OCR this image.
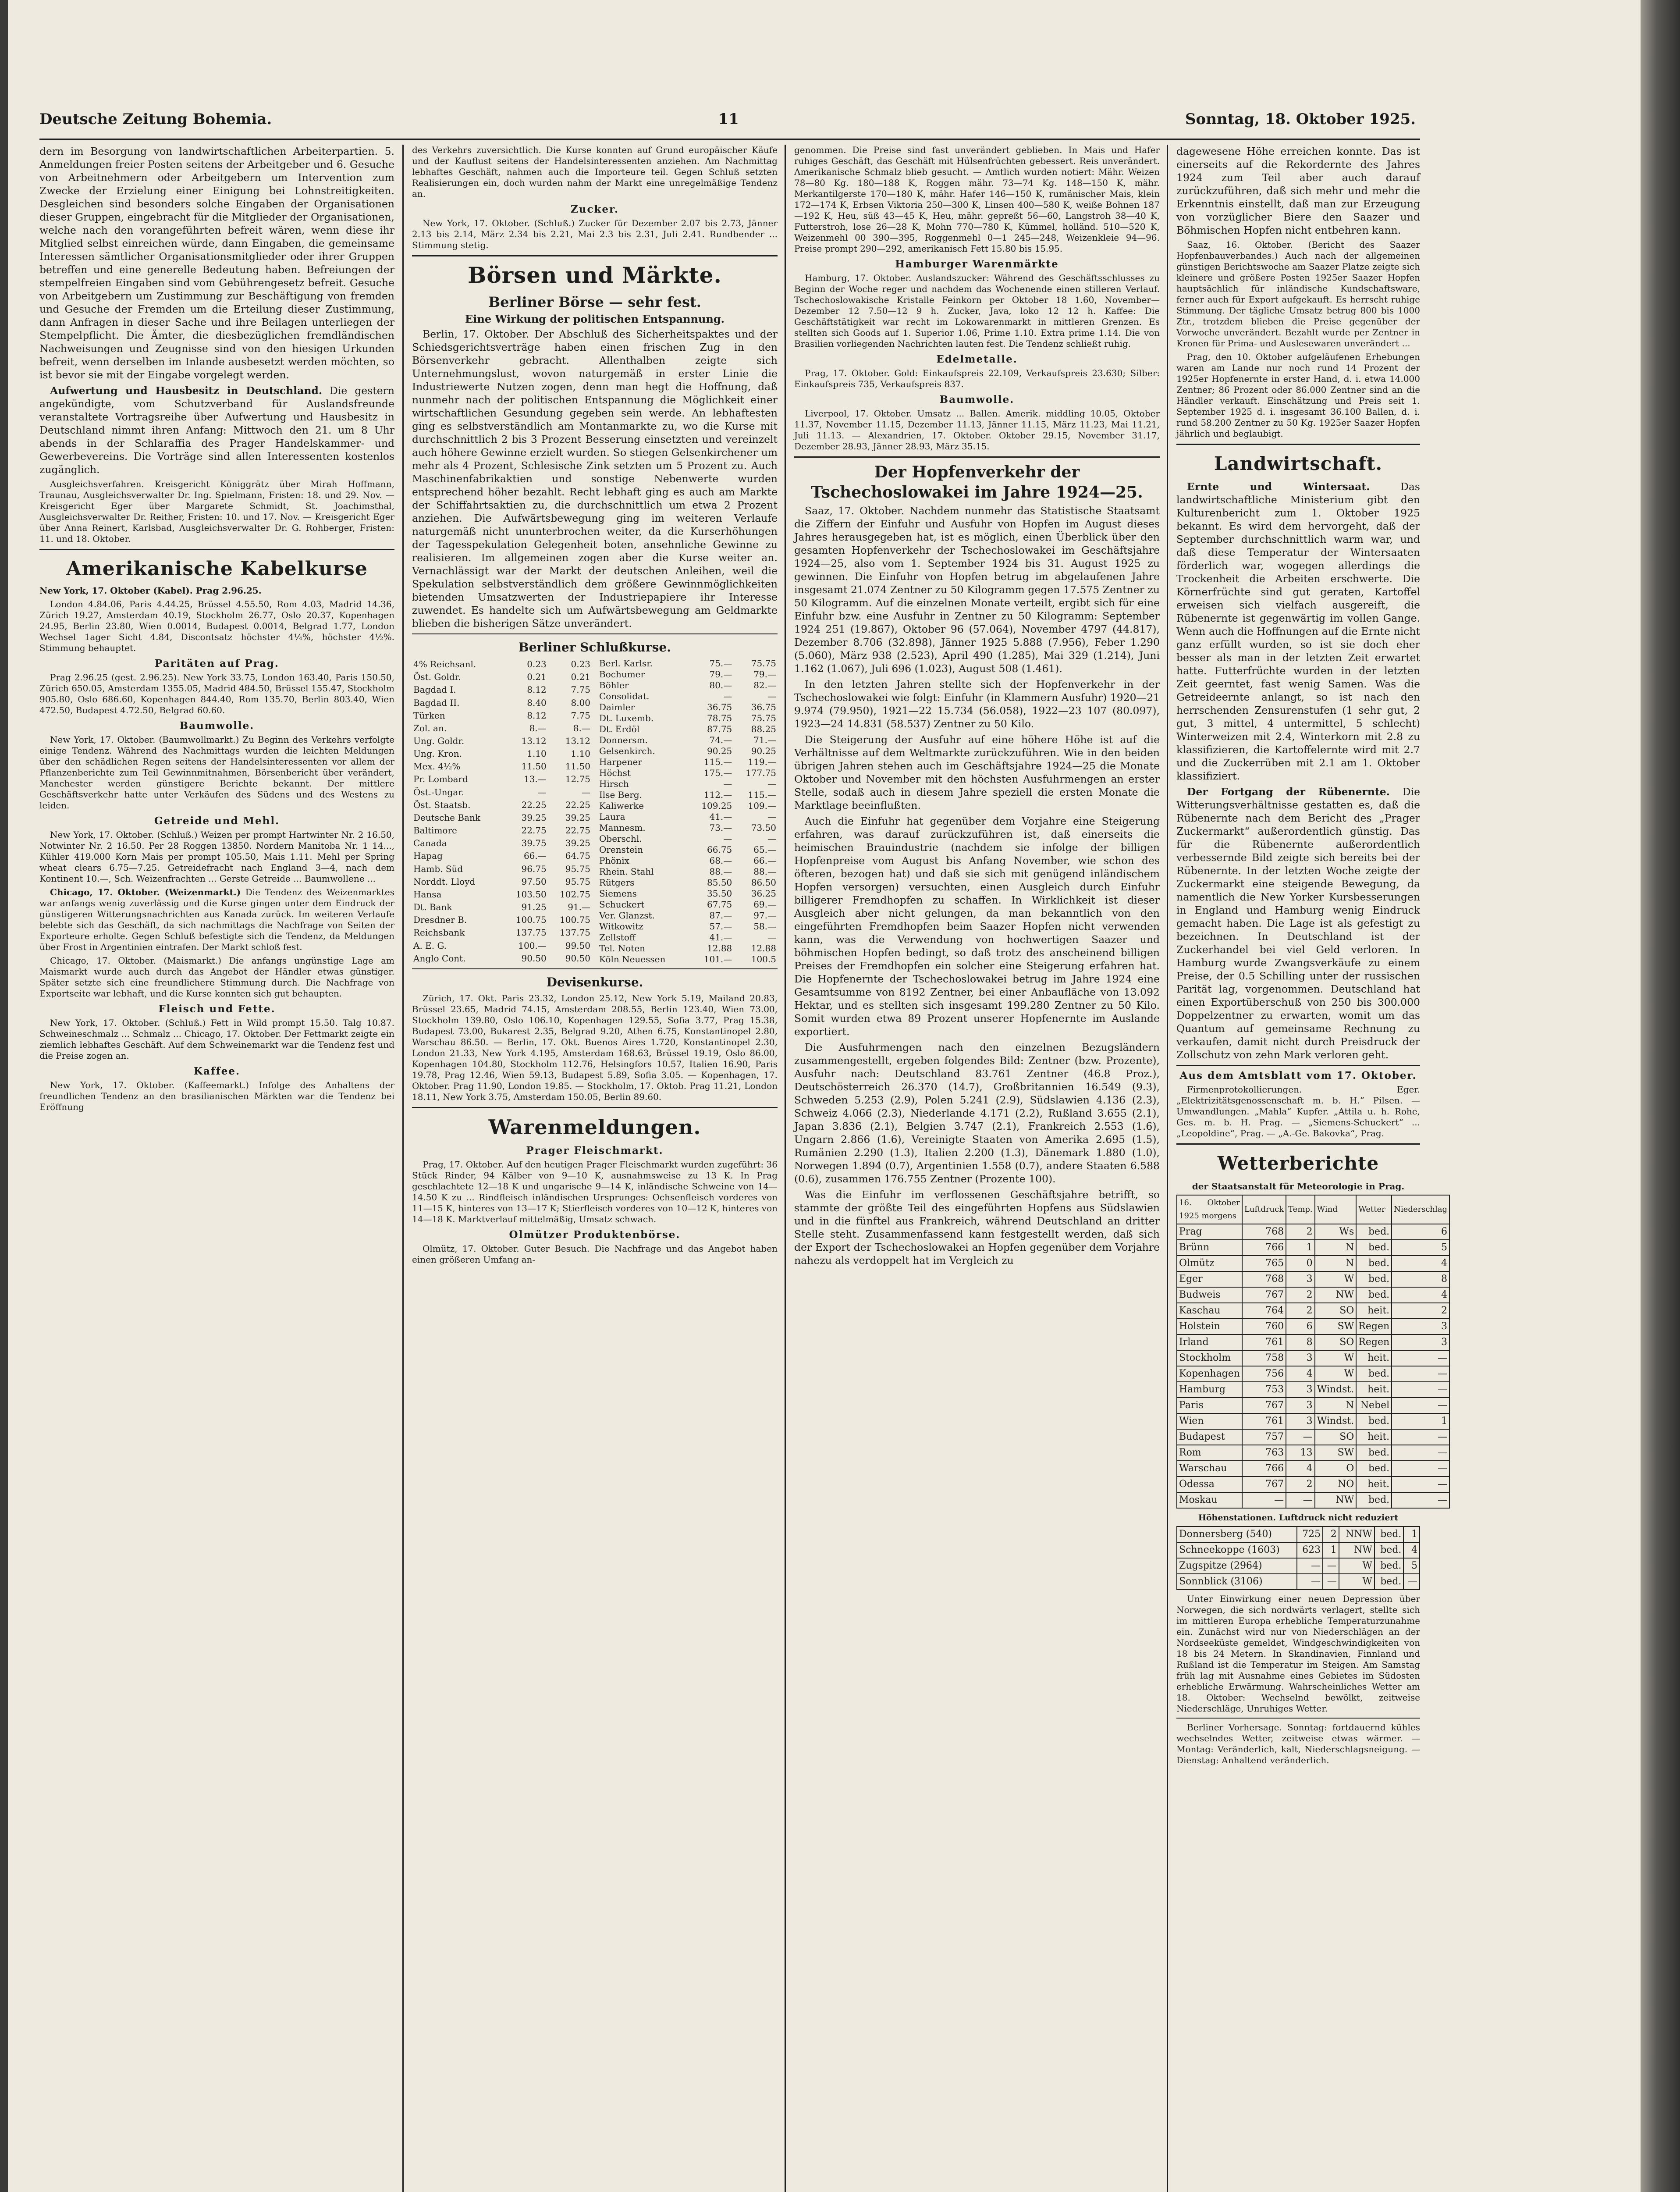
Deutsche Zeitung Bohemia.	11	Sonntag, 18. Oktober 1925.

dern im Besorgung von landwirtschaftlichen Arbeiterpartien. 5. Anmeldungen freier Posten seitens der Arbeitgeber und 6. Gesuche von Arbeitnehmern oder Arbeitgebern um Intervention zum Zwecke der Erzielung einer Einigung bei Lohnstreitigkeiten. Desgleichen sind besonders solche Eingaben der Organisationen dieser Gruppen, eingebracht für die Mitglieder der Organisationen, welche nach den vorangeführten befreit wären, wenn diese ihr Mitglied selbst einreichen würde, dann Eingaben, die gemeinsame Interessen sämtlicher Organisationsmitglieder oder ihrer Gruppen betreffen und eine generelle Bedeutung haben. Befreiungen der stempelfreien Eingaben sind vom Gebührengesetz befreit. Gesuche von Arbeitgebern um Zustimmung zur Beschäftigung von fremden und Gesuche der Fremden um die Erteilung dieser Zustimmung, dann Anfragen in dieser Sache und ihre Beilagen unterliegen der Stempelpflicht. Die Ämter, die diesbezüglichen fremdländischen Nachweisungen und Zeugnisse sind von den hiesigen Urkunden befreit, wenn derselben im Inlande ausbesetzt werden möchten, so ist bevor sie mit der Eingabe vorgelegt werden.

Aufwertung und Hausbesitz in Deutschland. Die gestern angekündigte, vom Schutzverband für Auslandsfreunde veranstaltete Vortragsreihe über Aufwertung und Hausbesitz in Deutschland nimmt ihren Anfang: Mittwoch den 21. um 8 Uhr abends in der Schlaraffia des Prager Handelskammer- und Gewerbevereins. Die Vorträge sind allen Interessenten kostenlos zugänglich.

Ausgleichsverfahren. Kreisgericht Königgrätz über Mirah Hoffmann, Traunau, Ausgleichsverwalter Dr. Ing. Spielmann, Fristen: 18. und 29. Nov. — Kreisgericht Eger über Margarete Schmidt, St. Joachimsthal, Ausgleichsverwalter Dr. Reither, Fristen: 10. und 17. Nov. — Kreisgericht Eger über Anna Reinert, Karlsbad, Ausgleichsverwalter Dr. G. Rohberger, Fristen: 11. und 18. Oktober.

Amerikanische Kabelkurse

New York, 17. Oktober (Kabel). Prag 2.96.25.

London 4.84.06, Paris 4.44.25, Brüssel 4.55.50, Rom 4.03, Madrid 14.36, Zürich 19.27, Amsterdam 40.19, Stockholm 26.77, Oslo 20.37, Kopenhagen 24.95, Berlin 23.80, Wien 0.0014, Budapest 0.0014, Belgrad 1.77, London Wechsel 1ager Sicht 4.84, Discontsatz höchster 4¼%, höchster 4½%. Stimmung behauptet.

Paritäten auf Prag.

Prag 2.96.25 (gest. 2.96.25). New York 33.75, London 163.40, Paris 150.50, Zürich 650.05, Amsterdam 1355.05, Madrid 484.50, Brüssel 155.47, Stockholm 905.80, Oslo 686.60, Kopenhagen 844.40, Rom 135.70, Berlin 803.40, Wien 472.50, Budapest 4.72.50, Belgrad 60.60.

Baumwolle.

New York, 17. Oktober. (Baumwollmarkt.) Zu Beginn des Verkehrs verfolgte einige Tendenz. Während des Nachmittags wurden die leichten Meldungen über den schädlichen Regen seitens der Handelsinteressenten vor allem der Pflanzenberichte zum Teil Gewinnmitnahmen, Börsenbericht über verändert, Manchester werden günstigere Berichte bekannt. Der mittlere Geschäftsverkehr hatte unter Verkäufen des Südens und des Westens zu leiden.

Getreide und Mehl.

New York, 17. Oktober. (Schluß.) Weizen per prompt Hartwinter Nr. 2 16.50, Notwinter Nr. 2 16.50. Per 28 Roggen 13850. Nordern Manitoba Nr. 1 14..., Kühler 419.000 Korn Mais per prompt 105.50, Mais 1.11. Mehl per Spring wheat clears 6.75—7.25. Getreidefracht nach England 3—4, nach dem Kontinent 10.—, Sch. Weizenfrachten ... Gerste Getreide ... Baumwollene ...

Chicago, 17. Oktober. (Weizenmarkt.) Die Tendenz des Weizenmarktes war anfangs wenig zuverlässig und die Kurse gingen unter dem Eindruck der günstigeren Witterungsnachrichten aus Kanada zurück. Im weiteren Verlaufe belebte sich das Geschäft, da sich nachmittags die Nachfrage von Seiten der Exporteure erholte. Gegen Schluß befestigte sich die Tendenz, da Meldungen über Frost in Argentinien eintrafen. Der Markt schloß fest.

Chicago, 17. Oktober. (Maismarkt.) Die anfangs ungünstige Lage am Maismarkt wurde auch durch das Angebot der Händler etwas günstiger. Später setzte sich eine freundlichere Stimmung durch. Die Nachfrage von Exportseite war lebhaft, und die Kurse konnten sich gut behaupten.

Fleisch und Fette.

New York, 17. Oktober. (Schluß.) Fett in Wild prompt 15.50. Talg 10.87. Schweineschmalz ... Schmalz ... Chicago, 17. Oktober. Der Fettmarkt zeigte ein ziemlich lebhaftes Geschäft. Auf dem Schweinemarkt war die Tendenz fest und die Preise zogen an.

Kaffee.

New York, 17. Oktober. (Kaffeemarkt.) Infolge des Anhaltens der freundlichen Tendenz an den brasilianischen Märkten war die Tendenz bei Eröffnung

des Verkehrs zuversichtlich. Die Kurse konnten auf Grund europäischer Käufe und der Kauflust seitens der Handelsinteressenten anziehen. Am Nachmittag lebhaftes Geschäft, nahmen auch die Importeure teil. Gegen Schluß setzten Realisierungen ein, doch wurden nahm der Markt eine unregelmäßige Tendenz an.

Zucker.

New York, 17. Oktober. (Schluß.) Zucker für Dezember 2.07 bis 2.73, Jänner 2.13 bis 2.14, März 2.34 bis 2.21, Mai 2.3 bis 2.31, Juli 2.41. Rundbender ... Stimmung stetig.

Börsen und Märkte.
Berliner Börse — sehr fest.
Eine Wirkung der politischen Entspannung.

Berlin, 17. Oktober. Der Abschluß des Sicherheitspaktes und der Schiedsgerichtsverträge haben einen frischen Zug in den Börsenverkehr gebracht. Allenthalben zeigte sich Unternehmungslust, wovon naturgemäß in erster Linie die Industriewerte Nutzen zogen, denn man hegt die Hoffnung, daß nunmehr nach der politischen Entspannung die Möglichkeit einer wirtschaftlichen Gesundung gegeben sein werde. An lebhaftesten ging es selbstverständlich am Montanmarkte zu, wo die Kurse mit durchschnittlich 2 bis 3 Prozent Besserung einsetzten und vereinzelt auch höhere Gewinne erzielt wurden. So stiegen Gelsenkirchener um mehr als 4 Prozent, Schlesische Zink setzten um 5 Prozent zu. Auch Maschinenfabrikaktien und sonstige Nebenwerte wurden entsprechend höher bezahlt. Recht lebhaft ging es auch am Markte der Schiffahrtsaktien zu, die durchschnittlich um etwa 2 Prozent anziehen. Die Aufwärtsbewegung ging im weiteren Verlaufe naturgemäß nicht ununterbrochen weiter, da die Kurserhöhungen der Tagesspekulation Gelegenheit boten, ansehnliche Gewinne zu realisieren. Im allgemeinen zogen aber die Kurse weiter an. Vernachlässigt war der Markt der deutschen Anleihen, weil die Spekulation selbstverständlich dem größere Gewinnmöglichkeiten bietenden Umsatzwerten der Industriepapiere ihr Interesse zuwendet. Es handelte sich um Aufwärtsbewegung am Geldmarkte blieben die bisherigen Sätze unverändert.

Berliner Schlußkurse.
4% Reichsanl.	0.23	0.23
Öst. Goldr.	0.21	0.21
Bagdad I.	8.12	7.75
Bagdad II.	8.40	8.00
Türken	8.12	7.75
Zol. an.	8.—	8.—
Ung. Goldr.	13.12	13.12
Ung. Kron.	1.10	1.10
Mex. 4½%	11.50	11.50
Pr. Lombard	13.—	12.75
Öst.-Ungar.	—	—
Öst. Staatsb.	22.25	22.25
Deutsche Bank	39.25	39.25
Baltimore	22.75	22.75
Canada	39.75	39.25
Hapag	66.—	64.75
Hamb. Süd	96.75	95.75
Norddt. Lloyd	97.50	95.75
Hansa	103.50	102.75
Dt. Bank	91.25	91.—
Dresdner B.	100.75	100.75
Reichsbank	137.75	137.75
A. E. G.	100.—	99.50
Anglo Cont.	90.50	90.50
Berl. Karlsr.	75.—	75.75
Bochumer	79.—	79.—
Böhler	80.—	82.—
Consolidat.	—	—
Daimler	36.75	36.75
Dt. Luxemb.	78.75	75.75
Dt. Erdöl	87.75	88.25
Donnersm.	74.—	71.—
Gelsenkirch.	90.25	90.25
Harpener	115.—	119.—
Höchst	175.—	177.75
Hirsch	—	—
Ilse Berg.	112.—	115.—
Kaliwerke	109.25	109.—
Laura	41.—	—
Mannesm.	73.—	73.50
Oberschl.	—	—
Orenstein	66.75	65.—
Phönix	68.—	66.—
Rhein. Stahl	88.—	88.—
Rütgers	85.50	86.50
Siemens	35.50	36.25
Schuckert	67.75	69.—
Ver. Glanzst.	87.—	97.—
Witkowitz	57.—	58.—
Zellstoff	41.—	—
Tel. Noten	12.88	12.88
Köln Neuessen	101.—	100.5
Devisenkurse.

Zürich, 17. Okt. Paris 23.32, London 25.12, New York 5.19, Mailand 20.83, Brüssel 23.65, Madrid 74.15, Amsterdam 208.55, Berlin 123.40, Wien 73.00, Stockholm 139.80, Oslo 106.10, Kopenhagen 129.55, Sofia 3.77, Prag 15.38, Budapest 73.00, Bukarest 2.35, Belgrad 9.20, Athen 6.75, Konstantinopel 2.80, Warschau 86.50. — Berlin, 17. Okt. Buenos Aires 1.720, Konstantinopel 2.30, London 21.33, New York 4.195, Amsterdam 168.63, Brüssel 19.19, Oslo 86.00, Kopenhagen 104.80, Stockholm 112.76, Helsingfors 10.57, Italien 16.90, Paris 19.78, Prag 12.46, Wien 59.13, Budapest 5.89, Sofia 3.05. — Kopenhagen, 17. Oktober. Prag 11.90, London 19.85. — Stockholm, 17. Oktob. Prag 11.21, London 18.11, New York 3.75, Amsterdam 150.05, Berlin 89.60.

Warenmeldungen.
Prager Fleischmarkt.

Prag, 17. Oktober. Auf den heutigen Prager Fleischmarkt wurden zugeführt: 36 Stück Rinder, 94 Kälber von 9—10 K, ausnahmsweise zu 13 K. In Prag geschlachtete 12—18 K und ungarische 9—14 K, inländische Schweine von 14—14.50 K zu ... Rindfleisch inländischen Ursprunges: Ochsenfleisch vorderes von 11—15 K, hinteres von 13—17 K; Stierfleisch vorderes von 10—12 K, hinteres von 14—18 K. Marktverlauf mittelmäßig, Umsatz schwach.

Olmützer Produktenbörse.

Olmütz, 17. Oktober. Guter Besuch. Die Nachfrage und das Angebot haben einen größeren Umfang an-

genommen. Die Preise sind fast unverändert geblieben. In Mais und Hafer ruhiges Geschäft, das Geschäft mit Hülsenfrüchten gebessert. Reis unverändert. Amerikanische Schmalz blieb gesucht. — Amtlich wurden notiert: Mähr. Weizen 78—80 Kg. 180—188 K, Roggen mähr. 73—74 Kg. 148—150 K, mähr. Merkantilgerste 170—180 K, mähr. Hafer 146—150 K, rumänischer Mais, klein 172—174 K, Erbsen Viktoria 250—300 K, Linsen 400—580 K, weiße Bohnen 187—192 K, Heu, süß 43—45 K, Heu, mähr. gepreßt 56—60, Langstroh 38—40 K, Futterstroh, lose 26—28 K, Mohn 770—780 K, Kümmel, holländ. 510—520 K, Weizenmehl 00 390—395, Roggenmehl 0—1 245—248, Weizenkleie 94—96. Preise prompt 290—292, amerikanisch Fett 15.80 bis 15.95.

Hamburger Warenmärkte

Hamburg, 17. Oktober. Auslandszucker: Während des Geschäftsschlusses zu Beginn der Woche reger und nachdem das Wochenende einen stilleren Verlauf. Tschechoslowakische Kristalle Feinkorn per Oktober 18 1.60, November—Dezember 12 7.50—12 9 h. Zucker, Java, loko 12 12 h. Kaffee: Die Geschäftstätigkeit war recht im Lokowarenmarkt in mittleren Grenzen. Es stellten sich Goods auf 1. Superior 1.06, Prime 1.10. Extra prime 1.14. Die von Brasilien vorliegenden Nachrichten lauten fest. Die Tendenz schließt ruhig.

Edelmetalle.

Prag, 17. Oktober. Gold: Einkaufspreis 22.109, Verkaufspreis 23.630; Silber: Einkaufspreis 735, Verkaufspreis 837.

Baumwolle.

Liverpool, 17. Oktober. Umsatz ... Ballen. Amerik. middling 10.05, Oktober 11.37, November 11.15, Dezember 11.13, Jänner 11.15, März 11.23, Mai 11.21, Juli 11.13. — Alexandrien, 17. Oktober. Oktober 29.15, November 31.17, Dezember 28.93, Jänner 28.93, März 35.15.

Der Hopfenverkehr der Tschechoslowakei im Jahre 1924—25.

Saaz, 17. Oktober. Nachdem nunmehr das Statistische Staatsamt die Ziffern der Einfuhr und Ausfuhr von Hopfen im August dieses Jahres herausgegeben hat, ist es möglich, einen Überblick über den gesamten Hopfenverkehr der Tschechoslowakei im Geschäftsjahre 1924—25, also vom 1. September 1924 bis 31. August 1925 zu gewinnen. Die Einfuhr von Hopfen betrug im abgelaufenen Jahre insgesamt 21.074 Zentner zu 50 Kilogramm gegen 17.575 Zentner zu 50 Kilogramm. Auf die einzelnen Monate verteilt, ergibt sich für eine Einfuhr bzw. eine Ausfuhr in Zentner zu 50 Kilogramm: September 1924 251 (19.867), Oktober 96 (57.064), November 4797 (44.817), Dezember 8.706 (32.898), Jänner 1925 5.888 (7.956), Feber 1.290 (5.060), März 938 (2.523), April 490 (1.285), Mai 329 (1.214), Juni 1.162 (1.067), Juli 696 (1.023), August 508 (1.461).

In den letzten Jahren stellte sich der Hopfenverkehr in der Tschechoslowakei wie folgt: Einfuhr (in Klammern Ausfuhr) 1920—21 9.974 (79.950), 1921—22 15.734 (56.058), 1922—23 107 (80.097), 1923—24 14.831 (58.537) Zentner zu 50 Kilo.

Die Steigerung der Ausfuhr auf eine höhere Höhe ist auf die Verhältnisse auf dem Weltmarkte zurückzuführen. Wie in den beiden übrigen Jahren stehen auch im Geschäftsjahre 1924—25 die Monate Oktober und November mit den höchsten Ausfuhrmengen an erster Stelle, sodaß auch in diesem Jahre speziell die ersten Monate die Marktlage beeinflußten.

Auch die Einfuhr hat gegenüber dem Vorjahre eine Steigerung erfahren, was darauf zurückzuführen ist, daß einerseits die heimischen Brauindustrie (nachdem sie infolge der billigen Hopfenpreise vom August bis Anfang November, wie schon des öfteren, bezogen hat) und daß sie sich mit genügend inländischem Hopfen versorgen) versuchten, einen Ausgleich durch Einfuhr billigerer Fremdhopfen zu schaffen. In Wirklichkeit ist dieser Ausgleich aber nicht gelungen, da man bekanntlich von den eingeführten Fremdhopfen beim Saazer Hopfen nicht verwenden kann, was die Verwendung von hochwertigen Saazer und böhmischen Hopfen bedingt, so daß trotz des anscheinend billigen Preises der Fremdhopfen ein solcher eine Steigerung erfahren hat. Die Hopfenernte der Tschechoslowakei betrug im Jahre 1924 eine Gesamtsumme von 8192 Zentner, bei einer Anbaufläche von 13.092 Hektar, und es stellten sich insgesamt 199.280 Zentner zu 50 Kilo. Somit wurden etwa 89 Prozent unserer Hopfenernte im Auslande exportiert.

Die Ausfuhrmengen nach den einzelnen Bezugsländern zusammengestellt, ergeben folgendes Bild: Zentner (bzw. Prozente), Ausfuhr nach: Deutschland 83.761 Zentner (46.8 Proz.), Deutschösterreich 26.370 (14.7), Großbritannien 16.549 (9.3), Schweden 5.253 (2.9), Polen 5.241 (2.9), Südslawien 4.136 (2.3), Schweiz 4.066 (2.3), Niederlande 4.171 (2.2), Rußland 3.655 (2.1), Japan 3.836 (2.1), Belgien 3.747 (2.1), Frankreich 2.553 (1.6), Ungarn 2.866 (1.6), Vereinigte Staaten von Amerika 2.695 (1.5), Rumänien 2.290 (1.3), Italien 2.200 (1.3), Dänemark 1.880 (1.0), Norwegen 1.894 (0.7), Argentinien 1.558 (0.7), andere Staaten 6.588 (0.6), zusammen 176.755 Zentner (Prozente 100).

Was die Einfuhr im verflossenen Geschäftsjahre betrifft, so stammte der größte Teil des eingeführten Hopfens aus Südslawien und in die fünftel aus Frankreich, während Deutschland an dritter Stelle steht. Zusammenfassend kann festgestellt werden, daß sich der Export der Tschechoslowakei an Hopfen gegenüber dem Vorjahre nahezu als verdoppelt hat im Vergleich zu

dagewesene Höhe erreichen konnte. Das ist einerseits auf die Rekordernte des Jahres 1924 zum Teil aber auch darauf zurückzuführen, daß sich mehr und mehr die Erkenntnis einstellt, daß man zur Erzeugung von vorzüglicher Biere den Saazer und Böhmischen Hopfen nicht entbehren kann.

Saaz, 16. Oktober. (Bericht des Saazer Hopfenbauverbandes.) Auch nach der allgemeinen günstigen Berichtswoche am Saazer Platze zeigte sich kleinere und größere Posten 1925er Saazer Hopfen hauptsächlich für inländische Kundschaftsware, ferner auch für Export aufgekauft. Es herrscht ruhige Stimmung. Der tägliche Umsatz betrug 800 bis 1000 Ztr., trotzdem blieben die Preise gegenüber der Vorwoche unverändert. Bezahlt wurde per Zentner in Kronen für Prima- und Auslesewaren unverändert ...

Prag, den 10. Oktober aufgeläufenen Erhebungen waren am Lande nur noch rund 14 Prozent der 1925er Hopfenernte in erster Hand, d. i. etwa 14.000 Zentner; 86 Prozent oder 86.000 Zentner sind an die Händler verkauft. Einschätzung und Preis seit 1. September 1925 d. i. insgesamt 36.100 Ballen, d. i. rund 58.200 Zentner zu 50 Kg. 1925er Saazer Hopfen jährlich und beglaubigt.

Landwirtschaft.

Ernte und Wintersaat.	Das landwirtschaftliche Ministerium gibt den Kulturenbericht zum 1. Oktober 1925 bekannt. Es wird dem hervorgeht, daß der September durchschnittlich warm war, und daß diese Temperatur der Wintersaaten förderlich war, wogegen allerdings die Trockenheit die Arbeiten erschwerte. Die Körnerfrüchte sind gut geraten, Kartoffel erweisen sich vielfach ausgereift, die Rübenernte ist gegenwärtig im vollen Gange. Wenn auch die Hoffnungen auf die Ernte nicht ganz erfüllt wurden, so ist sie doch eher besser als man in der letzten Zeit erwartet hatte. Futterfrüchte wurden in der letzten Zeit geerntet, fast wenig Samen. Was die Getreideernte anlangt, so ist nach den herrschenden Zensurenstufen (1 sehr gut, 2 gut, 3 mittel, 4 untermittel, 5 schlecht) Winterweizen mit 2.4, Winterkorn mit 2.8 zu klassifizieren, die Kartoffelernte wird mit 2.7 und die Zuckerrüben mit 2.1 am 1. Oktober klassifiziert.

Der Fortgang der Rübenernte. Die Witterungsverhältnisse gestatten es, daß die Rübenernte nach dem Bericht des „Prager Zuckermarkt“ außerordentlich günstig. Das für die Rübenernte außerordentlich verbessernde Bild zeigte sich bereits bei der Rübenernte. In der letzten Woche zeigte der Zuckermarkt eine steigende Bewegung, da namentlich die New Yorker Kursbesserungen in England und Hamburg wenig Eindruck gemacht haben. Die Lage ist als gefestigt zu bezeichnen. In Deutschland ist der Zuckerhandel bei viel Geld verloren. In Hamburg wurde Zwangsverkäufe zu einem Preise, der 0.5 Schilling unter der russischen Parität lag, vorgenommen. Deutschland hat einen Exportüberschuß von 250 bis 300.000 Doppelzentner zu erwarten, womit um das Quantum auf gemeinsame Rechnung zu verkaufen, damit nicht durch Preisdruck der Zollschutz von zehn Mark verloren geht.

Aus dem Amtsblatt vom 17. Oktober.

Firmenprotokollierungen. Eger. „Elektrizitätsgenossenschaft m. b. H.“ Pilsen. — Umwandlungen. „Mahla“ Kupfer. „Attila u. h. Rohe, Ges. m. b. H. Prag. — „Siemens-Schuckert“ ... „Leopoldine“, Prag. — „A.-Ge. Bakovka“, Prag.

Wetterberichte
der Staatsanstalt für Meteorologie in Prag.
16. Oktober 1925 morgens	Luftdruck	Temp.	Wind	Wetter	Niederschlag
Prag	768	2	Ws	bed.	6
Brünn	766	1	N	bed.	5
Olmütz	765	0	N	bed.	4
Eger	768	3	W	bed.	8
Budweis	767	2	NW	bed.	4
Kaschau	764	2	SO	heit.	2
Holstein	760	6	SW	Regen	3
Irland	761	8	SO	Regen	3
Stockholm	758	3	W	heit.	—
Kopenhagen	756	4	W	bed.	—
Hamburg	753	3	Windst.	heit.	—
Paris	767	3	N	Nebel	—
Wien	761	3	Windst.	bed.	1
Budapest	757	—	SO	heit.	—
Rom	763	13	SW	bed.	—
Warschau	766	4	O	bed.	—
Odessa	767	2	NO	heit.	—
Moskau	—	—	NW	bed.	—
Höhenstationen. Luftdruck nicht reduziert
Donnersberg (540)	725	2	NNW	bed.	1
Schneekoppe (1603)	623	1	NW	bed.	4
Zugspitze (2964)	—	—	W	bed.	5
Sonnblick (3106)	—	—	W	bed.	—

Unter Einwirkung einer neuen Depression über Norwegen, die sich nordwärts verlagert, stellte sich im mittleren Europa erhebliche Temperaturzunahme ein. Zunächst wird nur von Niederschlägen an der Nordseeküste gemeldet, Windgeschwindigkeiten von 18 bis 24 Metern. In Skandinavien, Finnland und Rußland ist die Temperatur im Steigen. Am Samstag früh lag mit Ausnahme eines Gebietes im Südosten erhebliche Erwärmung. Wahrscheinliches Wetter am 18. Oktober: Wechselnd bewölkt, zeitweise Niederschläge, Unruhiges Wetter.

Berliner Vorhersage. Sonntag: fortdauernd kühles wechselndes Wetter, zeitweise etwas wärmer. — Montag: Veränderlich, kalt, Niederschlagsneigung. — Dienstag: Anhaltend veränderlich.
